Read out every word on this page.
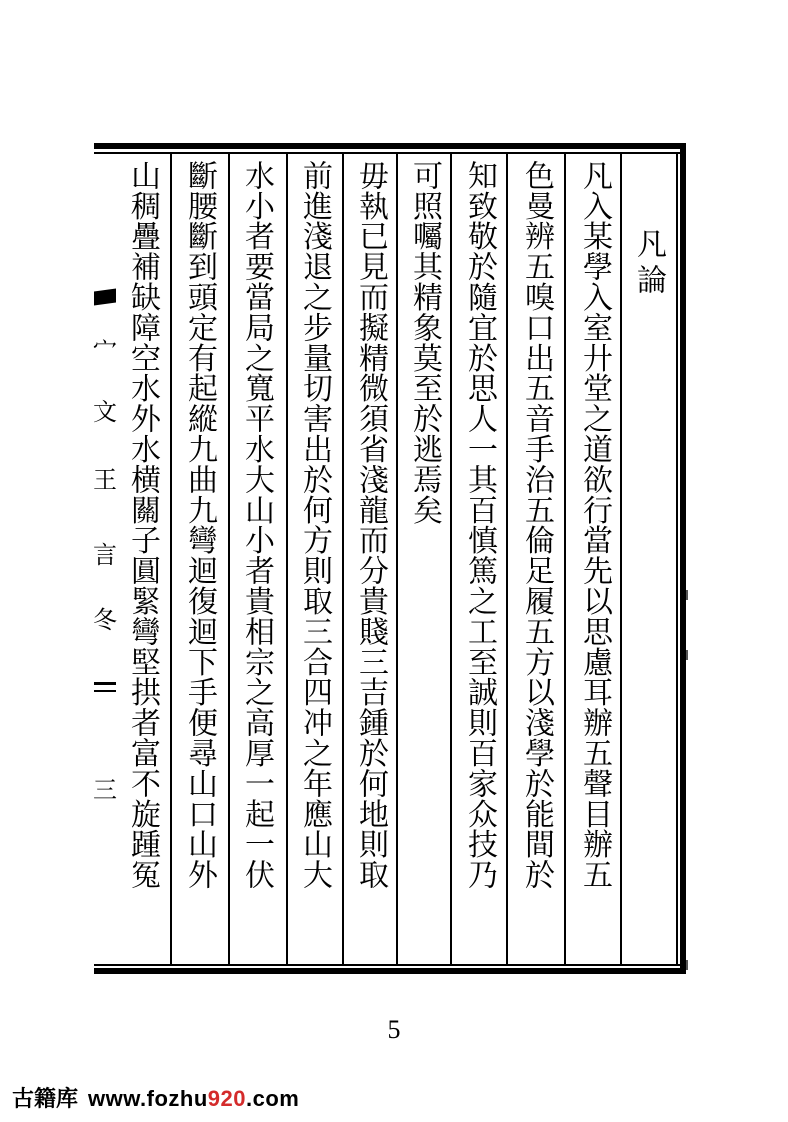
凡論
凡入某學入室廾堂之道欲行當先以思慮耳辦五聲目辦五
色曼辨五嗅口出五音手治五倫足履五方以淺學於能間於
知致敬於隨宜於思人一其百慎篤之工至誠則百家众技乃
可照囑其精象莫至於逃焉矣
毋執已見而擬精微須省淺龍而分貴賤三吉鍾於何地則取
前進淺退之步量切害出於何方則取三合四冲之年應山大
水小者要當局之寬平水大山小者貴相宗之高厚一起一伏
斷腰斷到頭定有起縱九曲九彎迴復迴下手便尋山口山外
山稠疊補缺障空水外水横關子圓緊彎堅拱者富不旋踵冤
宀
文
王
言
冬
三
5
古籍库 www.fozhu920.com
